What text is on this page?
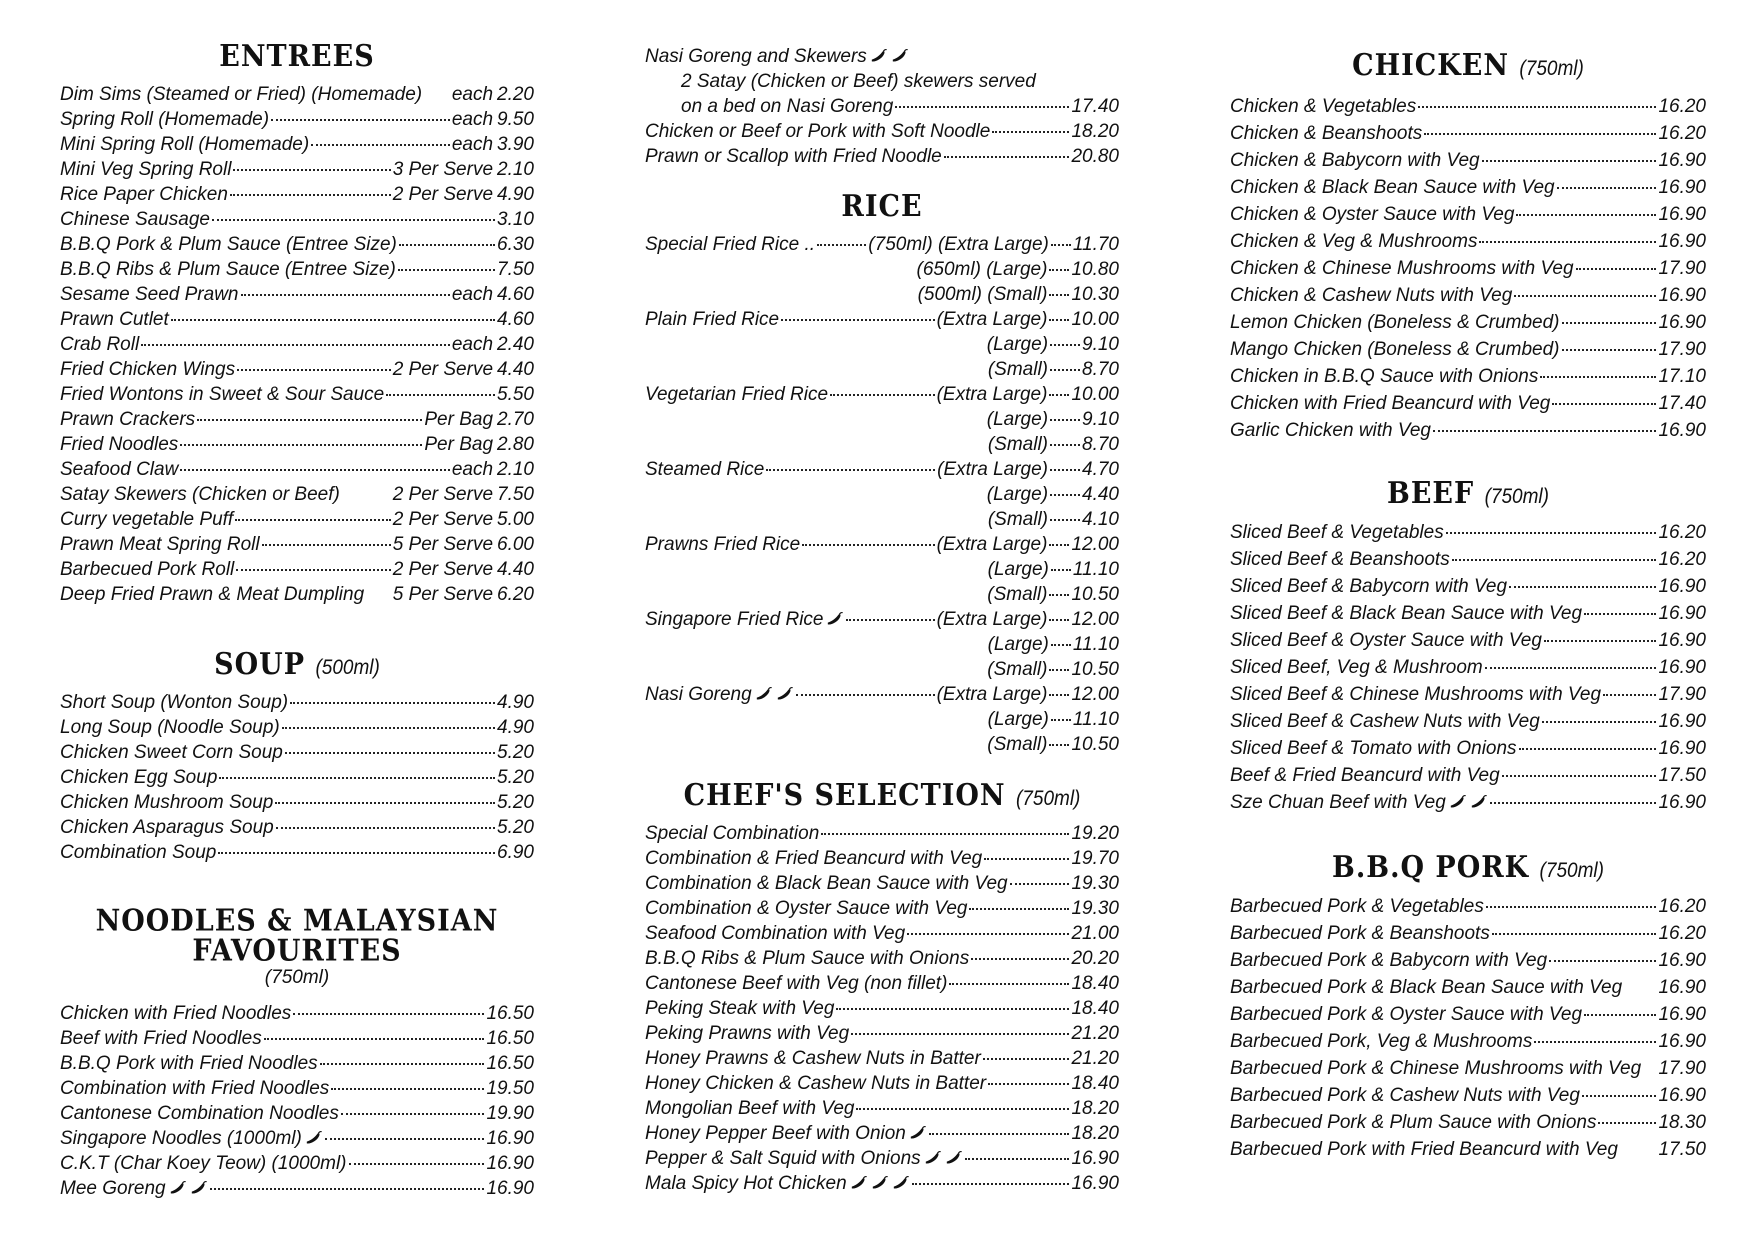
ENTREES
Dim Sims (Steamed or Fried) (Homemade) each 2.20
Spring Roll (Homemade)	each 9.50
Mini Spring Roll (Homemade)	each 3.90
Mini Veg Spring Roll	3 Per Serve 2.10
Rice Paper Chicken	2 Per Serve 4.90
Chinese Sausage	3.10
B.B.Q Pork & Plum Sauce (Entree Size)	6.30
B.B.Q Ribs & Plum Sauce (Entree Size)	7.50
Sesame Seed Prawn	each 4.60
Prawn Cutlet	4.60
Crab Roll	each 2.40
Fried Chicken Wings	2 Per Serve 4.40
Fried Wontons in Sweet & Sour Sauce	5.50
Prawn Crackers	Per Bag 2.70
Fried Noodles	Per Bag 2.80
Seafood Claw	each 2.10
Satay Skewers (Chicken or Beef)	2 Per Serve 7.50
Curry vegetable Puff	2 Per Serve 5.00
Prawn Meat Spring Roll	5 Per Serve 6.00
Barbecued Pork Roll	2 Per Serve 4.40
Deep Fried Prawn & Meat Dumpling 5 Per Serve 6.20
SOUP (500ml)
Short Soup (Wonton Soup)	4.90
Long Soup (Noodle Soup)	4.90
Chicken Sweet Corn Soup	5.20
Chicken Egg Soup	5.20
Chicken Mushroom Soup	5.20
Chicken Asparagus Soup	5.20
Combination Soup	6.90
NOODLES & MALAYSIAN FAVOURITES
(750ml)
Chicken with Fried Noodles	16.50
Beef with Fried Noodles	16.50
B.B.Q Pork with Fried Noodles	16.50
Combination with Fried Noodles	19.50
Cantonese Combination Noodles	19.90
Singapore Noodles (1000ml)	16.90
C.K.T (Char Koey Teow) (1000ml)	16.90
Mee Goreng	16.90
Nasi Goreng and Skewers
2 Satay (Chicken or Beef) skewers served
on a bed on Nasi Goreng	17.40
Chicken or Beef or Pork with Soft Noodle	18.20
Prawn or Scallop with Fried Noodle	20.80
RICE
Special Fried Rice ..	(750ml) (Extra Large) 11.70
(650ml) (Large) 10.80
(500ml) (Small) 10.30
Plain Fried Rice	(Extra Large) 10.00
(Large) 9.10
(Small) 8.70
Vegetarian Fried Rice	(Extra Large) 10.00
(Large) 9.10
(Small) 8.70
Steamed Rice	(Extra Large) 4.70
(Large) 4.40
(Small) 4.10
Prawns Fried Rice	(Extra Large) 12.00
(Large) 11.10
(Small) 10.50
Singapore Fried Rice	(Extra Large) 12.00
(Large) 11.10
(Small) 10.50
Nasi Goreng	(Extra Large) 12.00
(Large) 11.10
(Small) 10.50
CHEF'S SELECTION (750ml)
Special Combination	19.20
Combination & Fried Beancurd with Veg	19.70
Combination & Black Bean Sauce with Veg	19.30
Combination & Oyster Sauce with Veg	19.30
Seafood Combination with Veg	21.00
B.B.Q Ribs & Plum Sauce with Onions	20.20
Cantonese Beef with Veg (non fillet)	18.40
Peking Steak with Veg	18.40
Peking Prawns with Veg	21.20
Honey Prawns & Cashew Nuts in Batter	21.20
Honey Chicken & Cashew Nuts in Batter	18.40
Mongolian Beef with Veg	18.20
Honey Pepper Beef with Onion	18.20
Pepper & Salt Squid with Onions	16.90
Mala Spicy Hot Chicken	16.90
CHICKEN (750ml)
Chicken & Vegetables	16.20
Chicken & Beanshoots	16.20
Chicken & Babycorn with Veg	16.90
Chicken & Black Bean Sauce with Veg	16.90
Chicken & Oyster Sauce with Veg	16.90
Chicken & Veg & Mushrooms	16.90
Chicken & Chinese Mushrooms with Veg	17.90
Chicken & Cashew Nuts with Veg	16.90
Lemon Chicken (Boneless & Crumbed)	16.90
Mango Chicken (Boneless & Crumbed)	17.90
Chicken in B.B.Q Sauce with Onions	17.10
Chicken with Fried Beancurd with Veg	17.40
Garlic Chicken with Veg	16.90
BEEF (750ml)
Sliced Beef & Vegetables	16.20
Sliced Beef & Beanshoots	16.20
Sliced Beef & Babycorn with Veg	16.90
Sliced Beef & Black Bean Sauce with Veg	16.90
Sliced Beef & Oyster Sauce with Veg	16.90
Sliced Beef, Veg & Mushroom	16.90
Sliced Beef & Chinese Mushrooms with Veg	17.90
Sliced Beef & Cashew Nuts with Veg	16.90
Sliced Beef & Tomato with Onions	16.90
Beef & Fried Beancurd with Veg	17.50
Sze Chuan Beef with Veg	16.90
B.B.Q PORK (750ml)
Barbecued Pork & Vegetables	16.20
Barbecued Pork & Beanshoots	16.20
Barbecued Pork & Babycorn with Veg	16.90
Barbecued Pork & Black Bean Sauce with Veg 16.90
Barbecued Pork & Oyster Sauce with Veg	16.90
Barbecued Pork, Veg & Mushrooms	16.90
Barbecued Pork & Chinese Mushrooms with Veg 17.90
Barbecued Pork & Cashew Nuts with Veg	16.90
Barbecued Pork & Plum Sauce with Onions	18.30
Barbecued Pork with Fried Beancurd with Veg 17.50
